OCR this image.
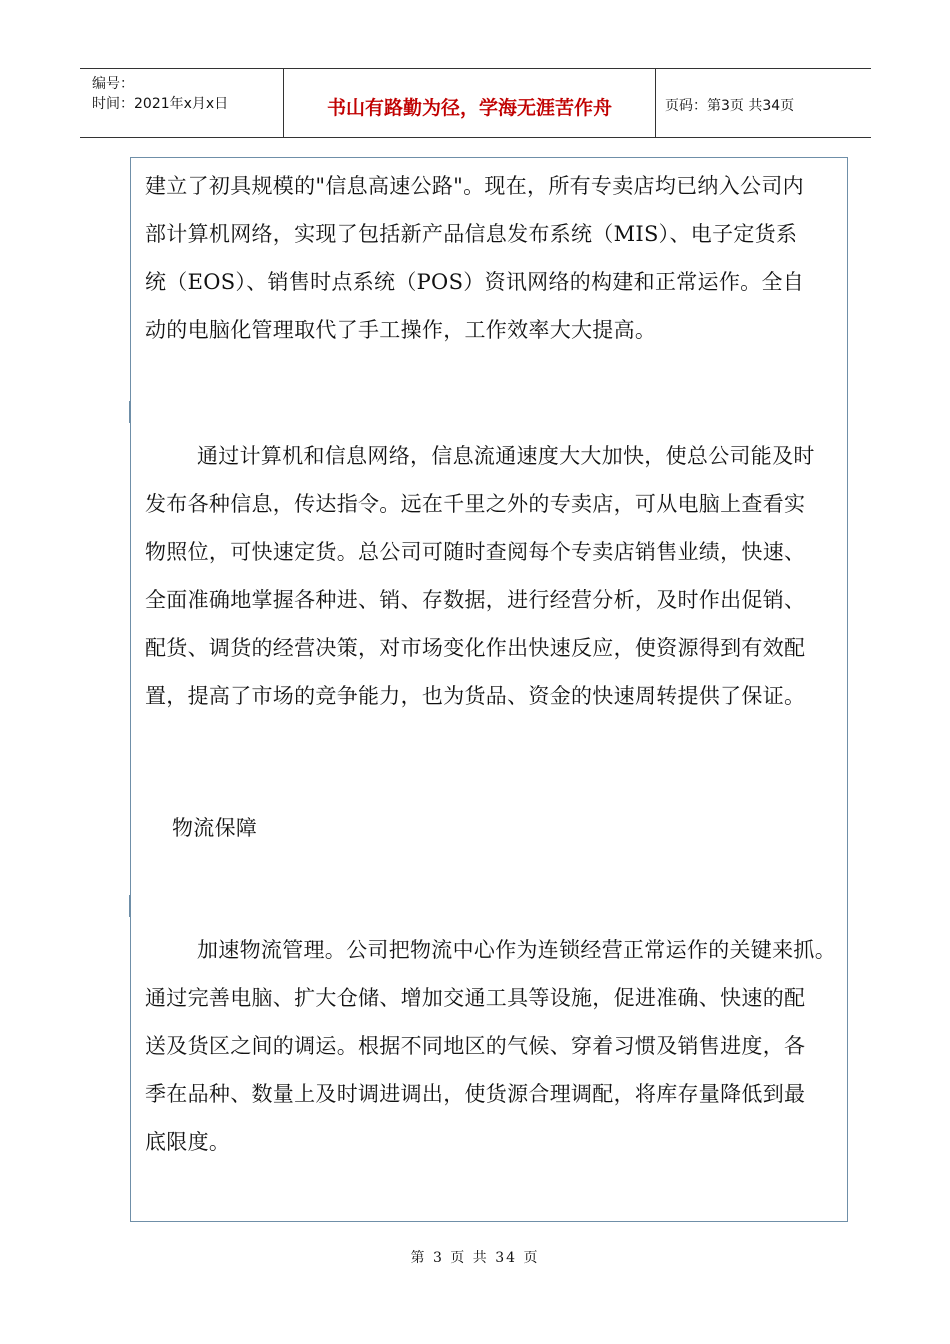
编号：
时间：2021年x月x日	书山有路勤为径，学海无涯苦作舟	页码：第3页 共34页
建立了初具规模的"信息高速公路"。现在，所有专卖店均已纳入公司内
部计算机网络，实现了包括新产品信息发布系统（MIS）、电子定货系
统（EOS）、销售时点系统（POS）资讯网络的构建和正常运作。全自
动的电脑化管理取代了手工操作，工作效率大大提高。
通过计算机和信息网络，信息流通速度大大加快，使总公司能及时
发布各种信息，传达指令。远在千里之外的专卖店，可从电脑上查看实
物照位，可快速定货。总公司可随时查阅每个专卖店销售业绩，快速、
全面准确地掌握各种进、销、存数据，进行经营分析，及时作出促销、
配货、调货的经营决策，对市场变化作出快速反应，使资源得到有效配
置，提高了市场的竞争能力，也为货品、资金的快速周转提供了保证。
物流保障
加速物流管理。公司把物流中心作为连锁经营正常运作的关键来抓。
通过完善电脑、扩大仓储、增加交通工具等设施，促进准确、快速的配
送及货区之间的调运。根据不同地区的气候、穿着习惯及销售进度，各
季在品种、数量上及时调进调出，使货源合理调配，将库存量降低到最
底限度。
第 3 页 共 34 页
